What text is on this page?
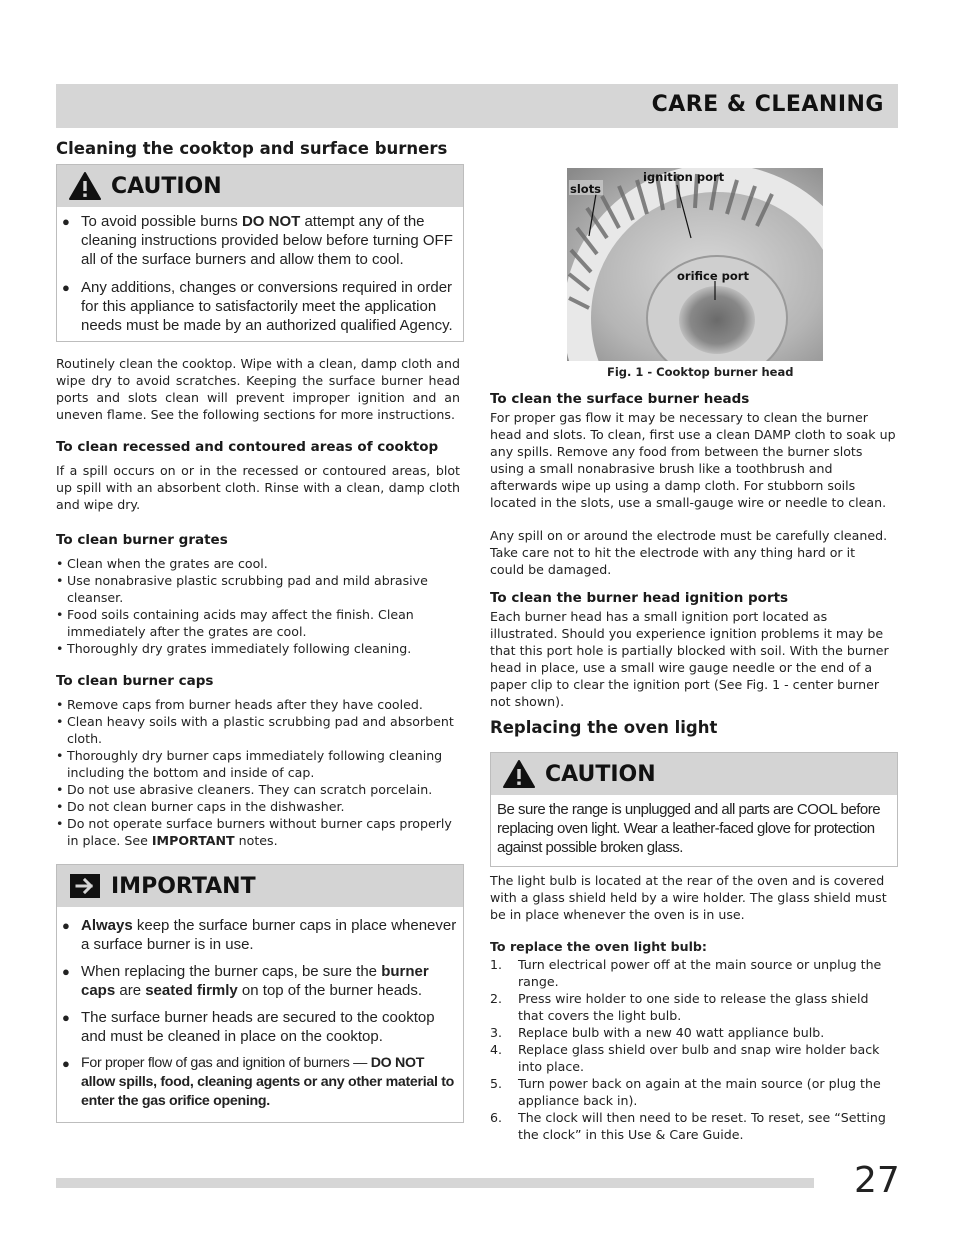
CARE & CLEANING
Cleaning the cooktop and surface burners
CAUTION
● To avoid possible burns DO NOT attempt any of the cleaning instructions provided below before turning OFF all of the surface burners and allow them to cool.
● Any additions, changes or conversions required in order for this appliance to satisfactorily meet the application needs must be made by an authorized qualified Agency.

Routinely clean the cooktop. Wipe with a clean, damp cloth and wipe dry to avoid scratches. Keeping the surface burner head ports and slots clean will prevent improper ignition and an uneven flame. See the following sections for more instructions.

To clean recessed and contoured areas of cooktop

If a spill occurs on or in the recessed or contoured areas, blot up spill with an absorbent cloth. Rinse with a clean, damp cloth and wipe dry.

To clean burner grates
• Clean when the grates are cool.
• Use nonabrasive plastic scrubbing pad and mild abrasive cleanser.
• Food soils containing acids may affect the finish. Clean immediately after the grates are cool.
• Thoroughly dry grates immediately following cleaning.
To clean burner caps
• Remove caps from burner heads after they have cooled.
• Clean heavy soils with a plastic scrubbing pad and absorbent cloth.
• Thoroughly dry burner caps immediately following cleaning including the bottom and inside of cap.
• Do not use abrasive cleaners. They can scratch porcelain.
• Do not clean burner caps in the dishwasher.
• Do not operate surface burners without burner caps properly in place. See IMPORTANT notes.
IMPORTANT
● Always keep the surface burner caps in place whenever a surface burner is in use.
● When replacing the burner caps, be sure the burner caps are seated firmly on top of the burner heads.
● The surface burner heads are secured to the cooktop and must be cleaned in place on the cooktop.
● For proper flow of gas and ignition of burners — DO NOT allow spills, food, cleaning agents or any other material to enter the gas orifice opening.
slots
ignition port
orifice port
Fig. 1 - Cooktop burner head
To clean the surface burner heads

For proper gas flow it may be necessary to clean the burner head and slots. To clean, first use a clean DAMP cloth to soak up any spills. Remove any food from between the burner slots using a small nonabrasive brush like a toothbrush and afterwards wipe up using a damp cloth. For stubborn soils located in the slots, use a small-gauge wire or needle to clean.

Any spill on or around the electrode must be carefully cleaned. Take care not to hit the electrode with any thing hard or it could be damaged.

To clean the burner head ignition ports

Each burner head has a small ignition port located as illustrated. Should you experience ignition problems it may be that this port hole is partially blocked with soil. With the burner head in place, use a small wire gauge needle or the end of a paper clip to clear the ignition port (See Fig. 1 - center burner not shown).

Replacing the oven light
CAUTION

Be sure the range is unplugged and all parts are COOL before replacing oven light. Wear a leather-faced glove for protection against possible broken glass.

The light bulb is located at the rear of the oven and is covered with a glass shield held by a wire holder. The glass shield must be in place whenever the oven is in use.

To replace the oven light bulb:
1. Turn electrical power off at the main source or unplug the range.
2. Press wire holder to one side to release the glass shield that covers the light bulb.
3. Replace bulb with a new 40 watt appliance bulb.
4. Replace glass shield over bulb and snap wire holder back into place.
5. Turn power back on again at the main source (or plug the appliance back in).
6. The clock will then need to be reset. To reset, see “Setting the clock” in this Use & Care Guide.
27
